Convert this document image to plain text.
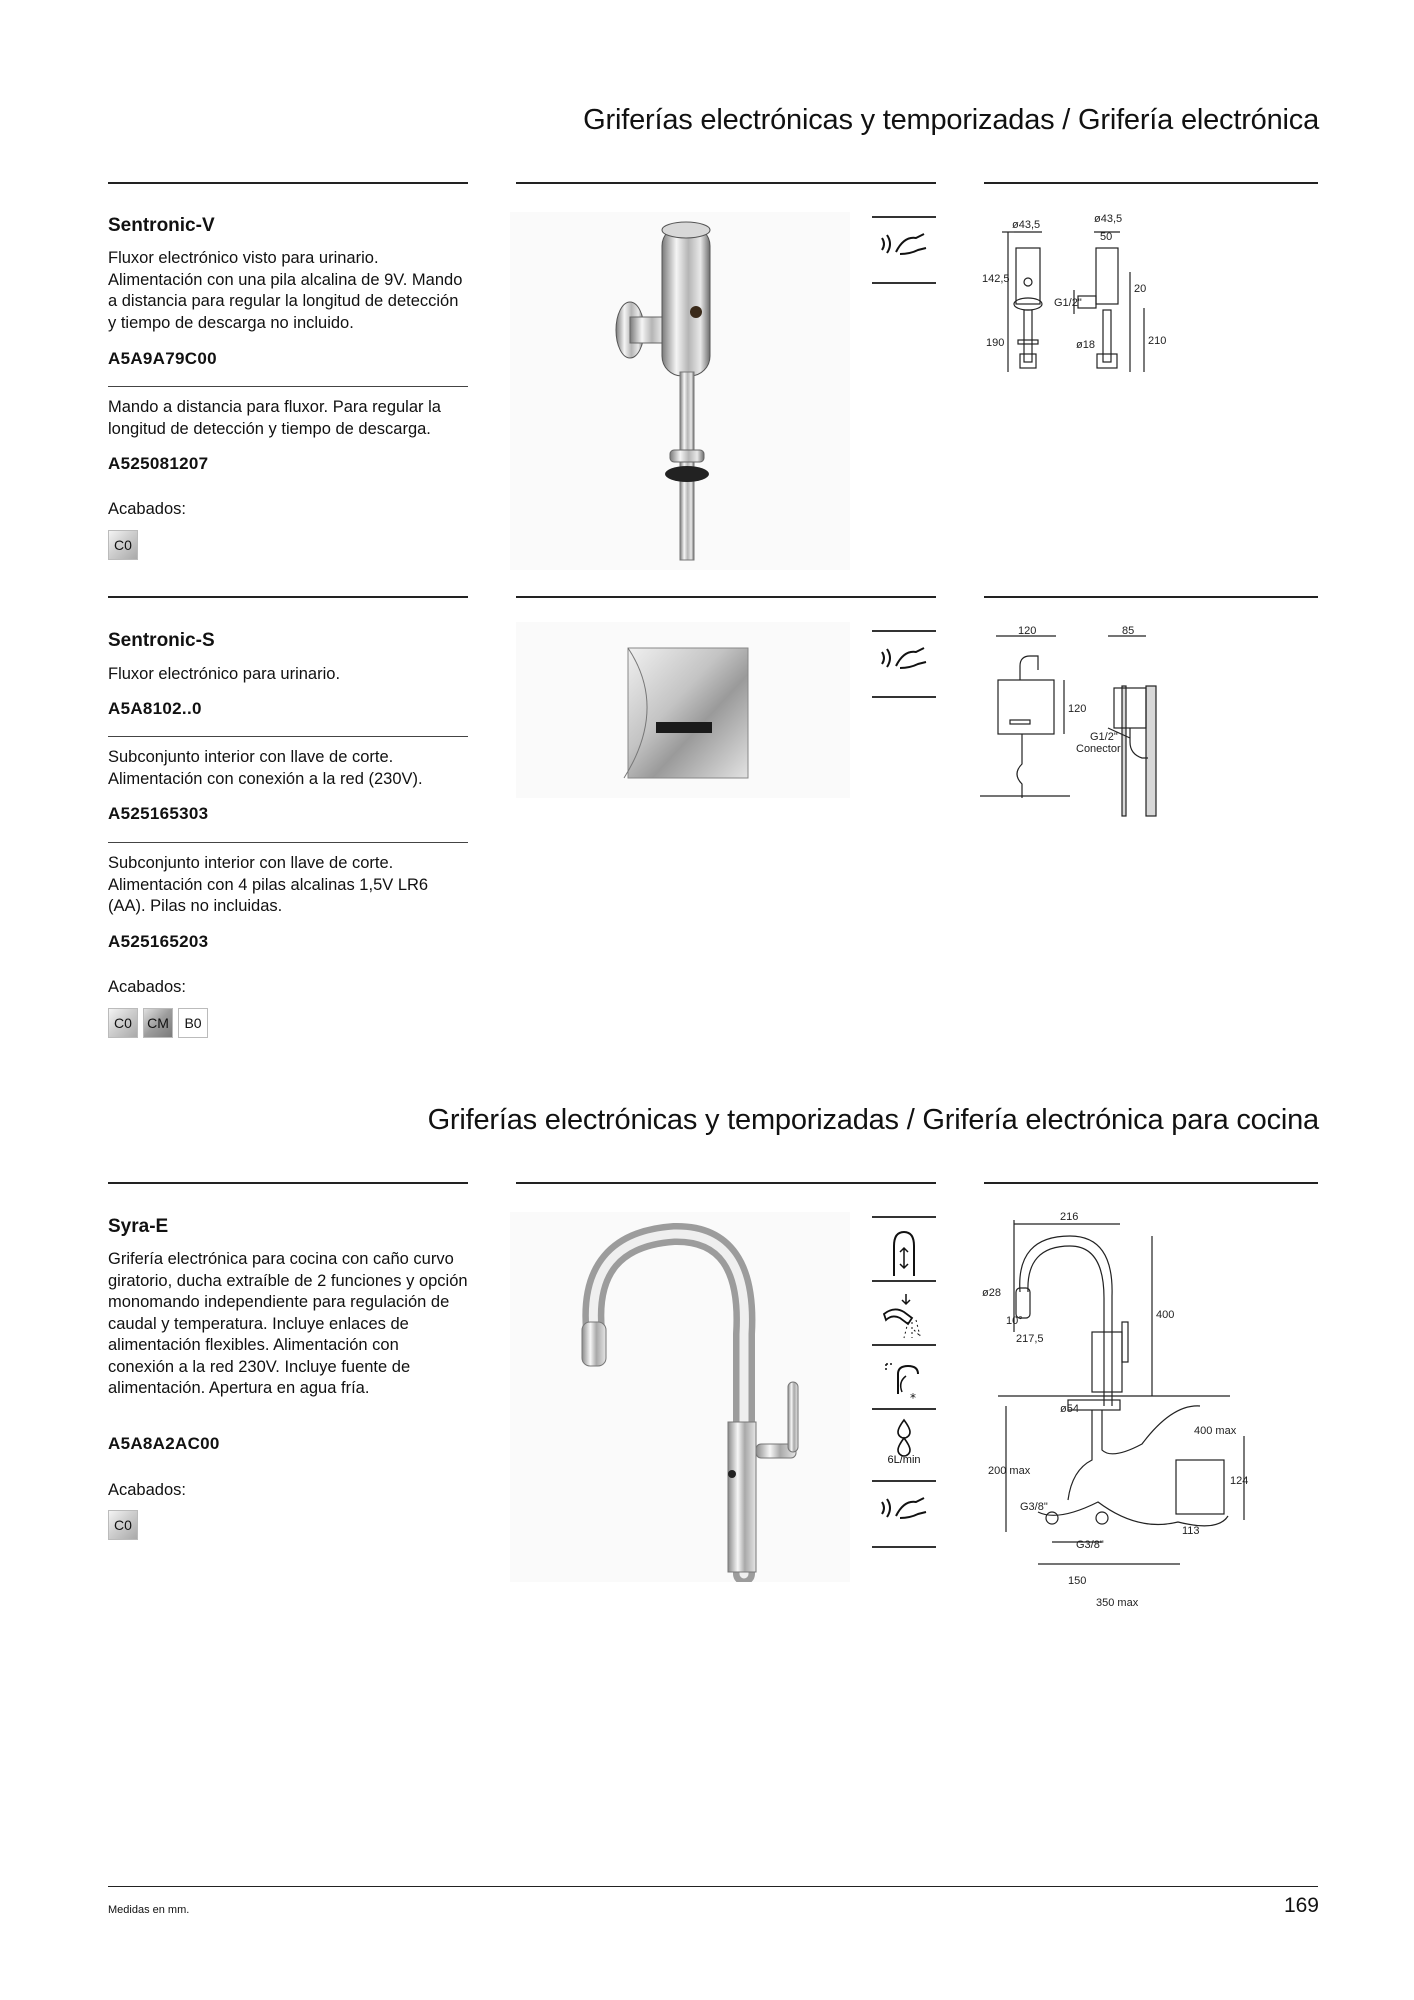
Griferías electrónicas y temporizadas / Grifería electrónica
Sentronic-V
Fluxor electrónico visto para urinario. Alimentación con una pila alcalina de 9V. Mando a distancia para regular la longitud de detección y tiempo de descarga no incluido.
A5A9A79C00
Mando a distancia para fluxor. Para regular la longitud de detección y tiempo de descarga.
A525081207
Acabados:
C0
ø43,5	ø43,5
50
142,5
G1/2"
20
190	ø18	210
Sentronic-S
Fluxor electrónico para urinario.
A5A8102..0
Subconjunto interior con llave de corte. Alimentación con conexión a la red (230V).
A525165303
Subconjunto interior con llave de corte. Alimentación con 4 pilas alcalinas 1,5V LR6 (AA). Pilas no incluidas.
A525165203
Acabados:
C0	CM	B0
120	85
120
G1/2"
Conector
Griferías electrónicas y temporizadas / Grifería electrónica para cocina
Syra-E
Grifería electrónica para cocina con caño curvo giratorio, ducha extraíble de 2 funciones y opción monomando independiente para regulación de caudal y temperatura. Incluye enlaces de alimentación flexibles. Alimentación con conexión a la red 230V. Incluye fuente de alimentación. Apertura en agua fría.
A5A8A2AC00
Acabados:
C0
*
6L/min
216
ø28
10°
217,5
400
ø54
400 max
200 max
124
113
G3/8"
G3/8"
150
350 max
Medidas en mm.	169
